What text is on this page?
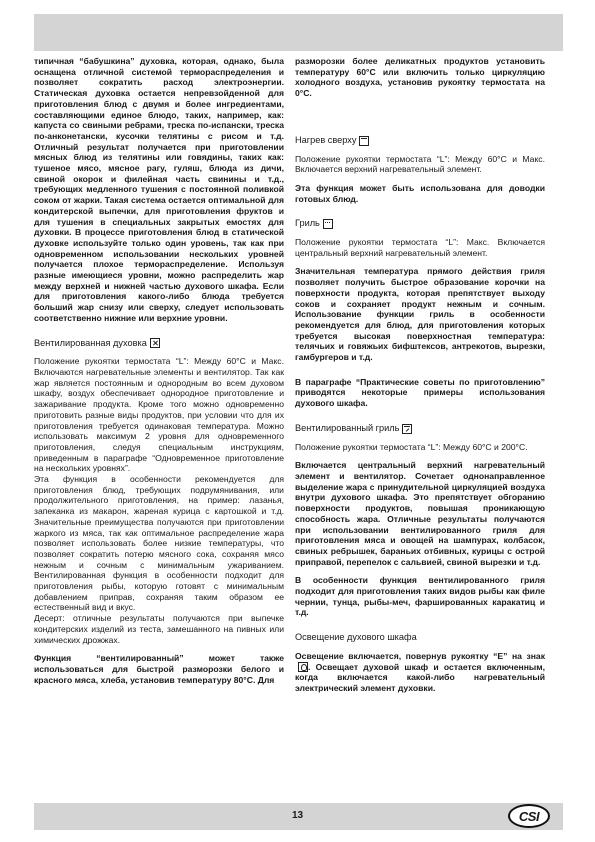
типичная “бабушкина” духовка, которая, однако, была оснащена отличной системой термораспределения и позволяет сократить расход электроэнергии. Статическая духовка остается непревзойденной для приготовления блюд с двумя и более ингредиентами, составляющими единое блюдо, таких, например, как: капуста со свиными ребрами, треска по-испански, треска по-анконетански, кусочки телятины с рисом и т.д. Отличный результат получается при приготовлении мясных блюд из телятины или говядины, таких как: тушеное мясо, мясное рагу, гуляш, блюда из дичи, свиной окорок и филейная часть свинины и т.д., требующих медленного тушения с постоянной поливкой соком от жарки. Такая система остается оптимальной для кондитерской выпечки, для приготовления фруктов и для тушения в специальных закрытых емостях для духовки. В процессе приготовления блюд в статической духовке используйте только один уровень, так как при одновременном использовании нескольких уровней получается плохое термораспределение. Используя разные имеющиеся уровни, можно распределить жар между верхней и нижней частью духового шкафа. Если для приготовления какого-либо блюда требуется больший жар снизу или сверху, следует использовать соответственно нижние или верхние уровни.

Вентилированная духовка

Положение рукоятки термостата “L”: Между 60°C и Макс. Включаются нагревательные элементы и вентилятор. Так как жар является постоянным и однородным во всем духовом шкафу, воздух обеспечивает однородное приготовление и зажаривание продукта. Кроме того можно одновременно приготовить разные виды продуктов, при условии что для их приготовления требуется одинаковая температура. Можно использовать максимум 2 уровня для одновременного приготовления, следуя специальным инструкциям, приведенным в параграфе “Одновременное приготовление на нескольких уровнях”.

Эта функция в особенности рекомендуется для приготовления блюд, требующих подрумянивания, или продолжительного приготовления, на пример: лазанья, запеканка из макарон, жареная курица с картошкой и т.д. Значительные преимущества получаются при приготовлении жаркого из мяса, так как оптимальное распределение жара позволяет использовать более низкие температуры, что позволяет сократить потерю мясного сока, сохраняя мясо нежным и сочным с минимальным ужариванием. Вентилированная функция в особенности подходит для приготовления рыбы, которую готовят с минимальным добавлением приправ, сохраняя таким образом ее естественный вид и вкус.

Десерт: отличные результаты получаются при выпечке кондитерских изделий из теста, замешанного на пивных или химических дрожжах.

Функция “вентилированный” может также использоваться для быстрой разморозки белого и красного мяса, хлеба, установив температуру 80°C. Для

разморозки более деликатных продуктов установить температуру 60°C или включить только циркуляцию холодного воздуха, установив рукоятку термостата на 0°C.

Нагрев сверху

Положение рукоятки термостата “L”: Между 60°C и Макс. Включается верхний нагревательный элемент.

Эта функция может быть использована для доводки готовых блюд.

Гриль

Положение рукоятки термостата “L”: Макс. Включается центральный верхний нагревательный элемент.

Значительная температура прямого действия гриля позволяет получить быстрое образование корочки на поверхности продукта, которая препятствует выходу соков и сохраняет продукт нежным и сочным. Использование функции гриль в особенности рекомендуется для блюд, для приготовления которых требуется высокая поверхностная температура: телячьих и говяжьих бифштексов, антрекотов, вырезки, гамбургеров и т.д.

В параграфе “Практические советы по приготовлению” приводятся некоторые примеры использования духового шкафа.

Вентилированный гриль

Положение рукоятки термостата “L”: Между 60°C и 200°C.

Включается центральный верхний нагревательный элемент и вентилятор. Сочетает однонаправленное выделение жара с принудительной циркуляцией воздуха внутри духового шкафа. Это препятствует обгоранию поверхности продуктов, повышая проникающую способность жара. Отличные результаты получаются при использовании вентилированного гриля для приготовления мяса и овощей на шампурах, колбасок, свиных ребрышек, бараньих отбивных, курицы с острой приправой, перепелок с сальвией, свиной вырезки и т.д.

В особенности функция вентилированного гриля подходит для приготовления таких видов рыбы как филе чернии, тунца, рыбы-меч, фаршированных каракатиц и т.д.

Освещение духового шкафа

Освещение включается, повернув рукоятку “E” на знак . Освещает духовой шкаф и остается включенным, когда включается какой-либо нагревательный электрический элемент духовки.

13	CSI
